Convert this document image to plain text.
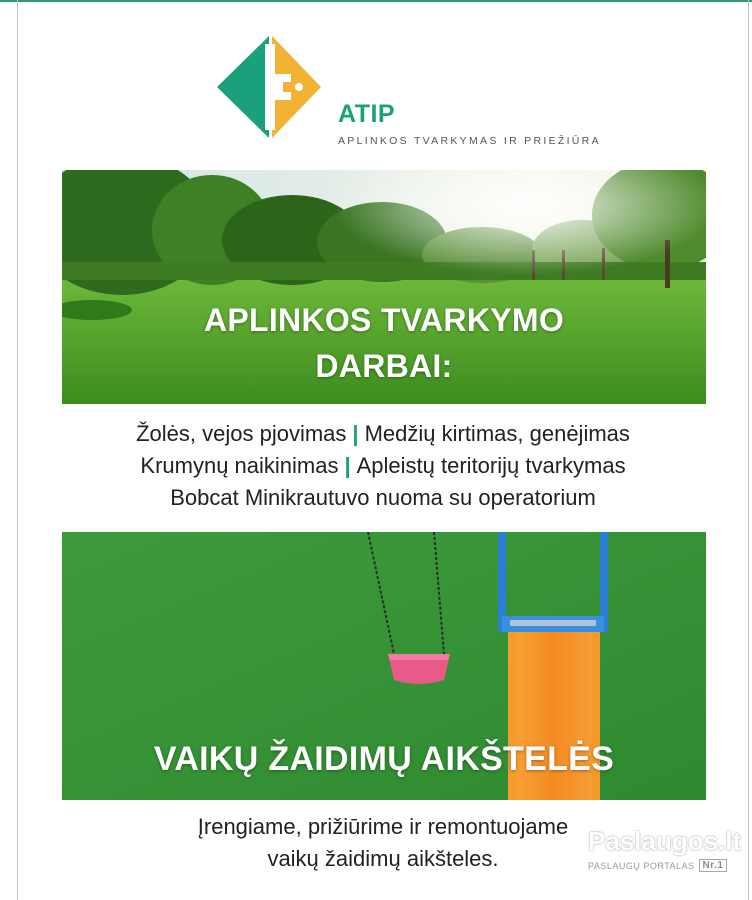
ATIP
APLINKOS TVARKYMAS IR PRIEŽIŪRA
APLINKOS TVARKYMO
DARBAI:
Žolės, vejos pjovimas | Medžių kirtimas, genėjimas
Krumynų naikinimas | Apleistų teritorijų tvarkymas
Bobcat Minikrautuvo nuoma su operatorium
VAIKŲ ŽAIDIMŲ AIKŠTELĖS
Įrengiame, prižiūrime ir remontuojame
vaikų žaidimų aikšteles.
Paslaugos.lt
PASLAUGŲ PORTALAS Nr.1
